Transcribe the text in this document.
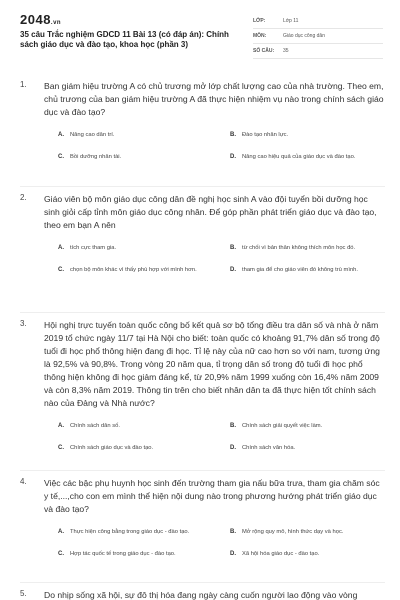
2048.vn
35 câu Trắc nghiệm GDCD 11 Bài 13 (có đáp án): Chính sách giáo dục và đào tạo, khoa học (phần 3)
LỚP:	Lớp 11
MÔN:	Giáo dục công dân
SỐ CÂU:	35
1. Ban giám hiệu trường A có chủ trương mở lớp chất lượng cao của nhà trường. Theo em, chủ trương của ban giám hiệu trường A đã thực hiện nhiệm vụ nào trong chính sách giáo dục và đào tạo?
A.	Nâng cao dân trí.	B.	Đào tạo nhân lực.
C.	Bồi dưỡng nhân tài.	D.	Nâng cao hiệu quả của giáo dục và đào tạo.
2. Giáo viên bộ môn giáo dục công dân đề nghị học sinh A vào đội tuyển bồi dưỡng học sinh giỏi cấp tỉnh môn giáo dục công nhân. Để góp phần phát triển giáo dục và đào tạo, theo em bạn A nên
A.	tích cực tham gia.	B.	từ chối vì bản thân không thích môn học đó.
C.	chọn bộ môn khác vì thấy phù hợp với mình hơn.	D.	tham gia để cho giáo viên đó không trù mình.
3. Hội nghị trực tuyến toàn quốc công bố kết quả sơ bộ tổng điều tra dân số và nhà ở năm 2019 tổ chức ngày 11/7 tại Hà Nội cho biết: toàn quốc có khoảng 91,7% dân số trong độ tuổi đi học phổ thông hiện đang đi học. Tỉ lệ này của nữ cao hơn so với nam, tương ứng là 92,5% và 90,8%. Trong vòng 20 năm qua, tỉ trọng dân số trong độ tuổi đi học phổ thông hiện không đi học giảm đáng kể, từ 20,9% năm 1999 xuống còn 16,4% năm 2009 và còn 8,3% năm 2019. Thông tin trên cho biết nhân dân ta đã thực hiện tốt chính sách nào của Đảng và Nhà nước?
A.	Chính sách dân số.	B.	Chính sách giải quyết việc làm.
C.	Chính sách giáo dục và đào tạo.	D.	Chính sách văn hóa.
4. Việc các bậc phụ huynh học sinh đến trường tham gia nấu bữa trưa, tham gia chăm sóc y tế,...,cho con em mình thể hiện nội dung nào trong phương hướng phát triển giáo dục và đào tạo?
A.	Thực hiện công bằng trong giáo dục - đào tạo.	B.	Mở rộng quy mô, hình thức dạy và học.
C.	Hợp tác quốc tế trong giáo dục - đào tạo.	D.	Xã hội hóa giáo dục - đào tạo.
5. Do nhịp sống xã hội, sự đô thị hóa đang ngày càng cuốn người lao động vào vòng
